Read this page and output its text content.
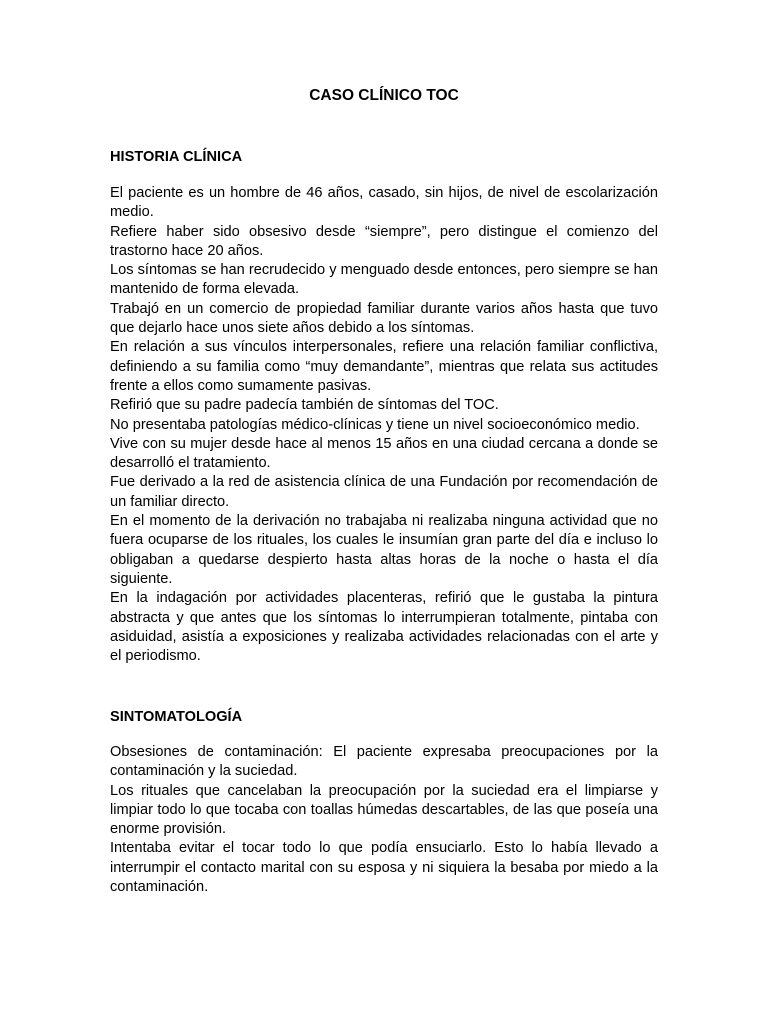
CASO CLÍNICO TOC
HISTORIA CLÍNICA

El paciente es un hombre de 46 años, casado, sin hijos, de nivel de escolarización medio.

Refiere haber sido obsesivo desde “siempre”, pero distingue el comienzo del trastorno hace 20 años.

Los síntomas se han recrudecido y menguado desde entonces, pero siempre se han mantenido de forma elevada.

Trabajó en un comercio de propiedad familiar durante varios años hasta que tuvo que dejarlo hace unos siete años debido a los síntomas.

En relación a sus vínculos interpersonales, refiere una relación familiar conflictiva, definiendo a su familia como “muy demandante”, mientras que relata sus actitudes frente a ellos como sumamente pasivas.

Refirió que su padre padecía también de síntomas del TOC.

No presentaba patologías médico-clínicas y tiene un nivel socioeconómico medio.

Vive con su mujer desde hace al menos 15 años en una ciudad cercana a donde se desarrolló el tratamiento.

Fue derivado a la red de asistencia clínica de una Fundación por recomendación de un familiar directo.

En el momento de la derivación no trabajaba ni realizaba ninguna actividad que no fuera ocuparse de los rituales, los cuales le insumían gran parte del día e incluso lo obligaban a quedarse despierto hasta altas horas de la noche o hasta el día siguiente.

En la indagación por actividades placenteras, refirió que le gustaba la pintura abstracta y que antes que los síntomas lo interrumpieran totalmente, pintaba con asiduidad, asistía a exposiciones y realizaba actividades relacionadas con el arte y el periodismo.

SINTOMATOLOGÍA

Obsesiones de contaminación: El paciente expresaba preocupaciones por la contaminación y la suciedad.

Los rituales que cancelaban la preocupación por la suciedad era el limpiarse y limpiar todo lo que tocaba con toallas húmedas descartables, de las que poseía una enorme provisión.

Intentaba evitar el tocar todo lo que podía ensuciarlo. Esto lo había llevado a interrumpir el contacto marital con su esposa y ni siquiera la besaba por miedo a la contaminación.
